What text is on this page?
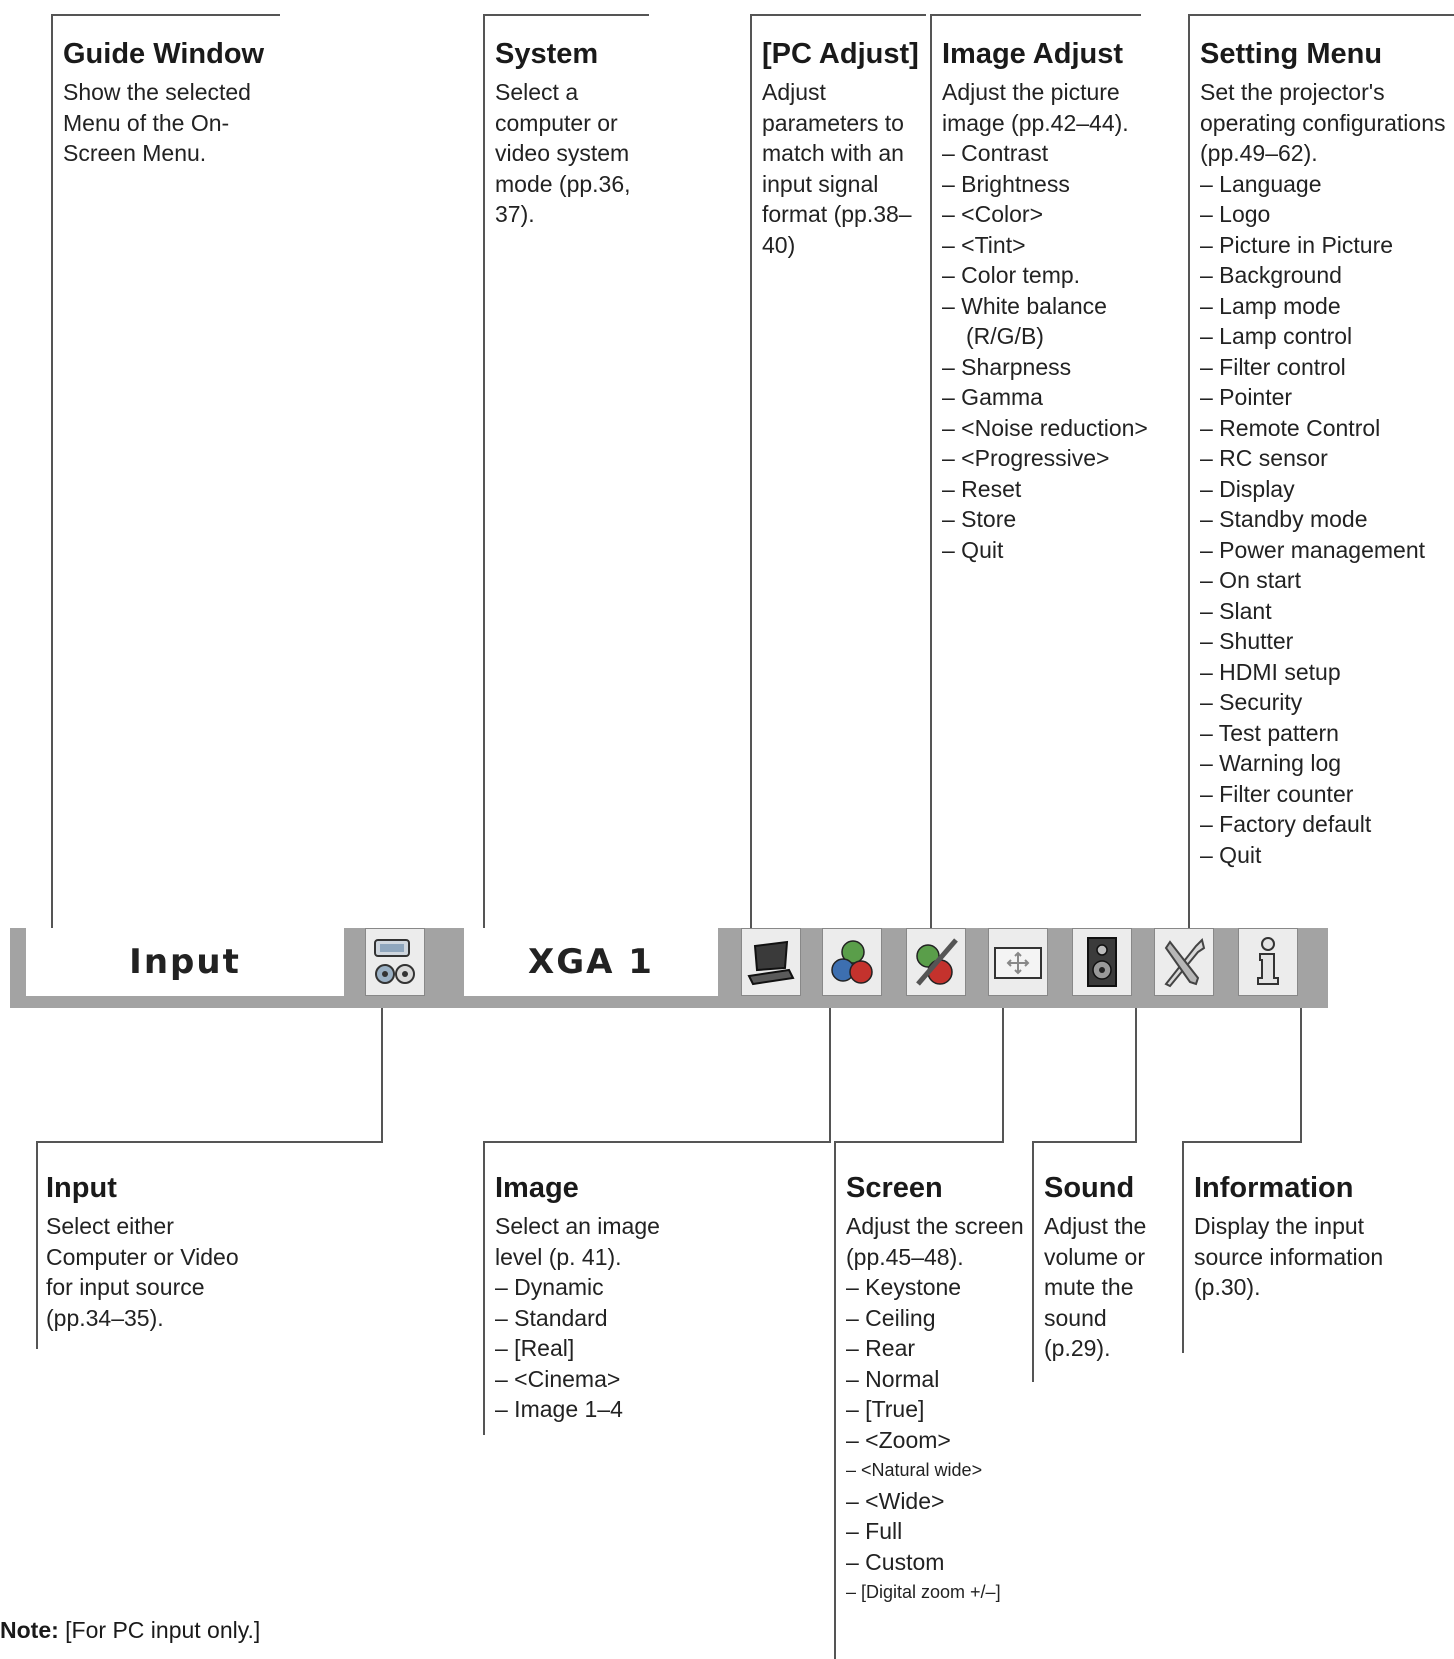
Guide Window
Show the selected Menu of the On-Screen Menu.
System
Select a computer or video system mode (pp.36, 37).
[PC Adjust]
Adjust parameters to match with an input signal format (pp.38–40)
Image Adjust
Adjust the picture image (pp.42–44).
– Contrast
– Brightness
– <Color>
– <Tint>
– Color temp.
– White balance
(R/G/B)
– Sharpness
– Gamma
– <Noise reduction>
– <Progressive>
– Reset
– Store
– Quit
Setting Menu
Set the projector's operating configurations (pp.49–62).
– Language
– Logo
– Picture in Picture
– Background
– Lamp mode
– Lamp control
– Filter control
– Pointer
– Remote Control
– RC sensor
– Display
– Standby mode
– Power management
– On start
– Slant
– Shutter
– HDMI setup
– Security
– Test pattern
– Warning log
– Filter counter
– Factory default
– Quit
Input	XGA 1
Input
Select either Computer or Video for input source (pp.34–35).
Image
Select an image level (p. 41).
– Dynamic
– Standard
– [Real]
– <Cinema>
– Image 1–4
Screen
Adjust the screen (pp.45–48).
– Keystone
– Ceiling
– Rear
– Normal
– [True]
– <Zoom>
– <Natural wide>
– <Wide>
– Full
– Custom
– [Digital zoom +/–]
Sound
Adjust the volume or mute the sound (p.29).
Information
Display the input source information (p.30).
Note: [For PC input only.]
